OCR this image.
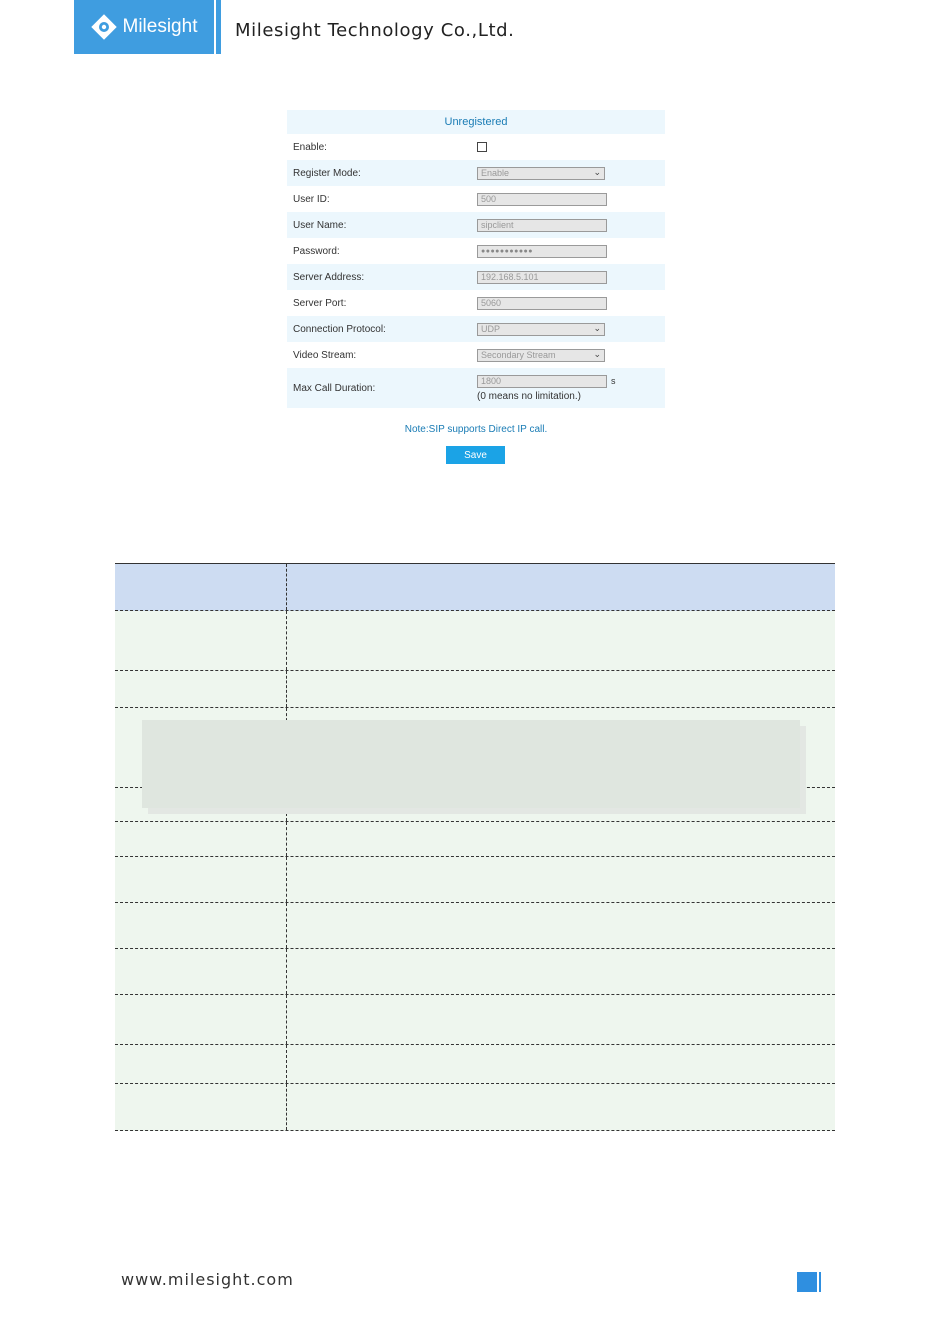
Milesight Milesight Technology Co.,Ltd.
Unregistered
Enable:
Register Mode:	Enable	⌄
User ID:	500
User Name:	sipclient
Password:	●●●●●●●●●●●
Server Address:	192.168.5.101
Server Port:	5060
Connection Protocol:	UDP	⌄
Video Stream:	Secondary Stream	⌄
Max Call Duration:
1800	s
(0 means no limitation.)
Note:SIP supports Direct IP call.
Save
www.milesight.com
